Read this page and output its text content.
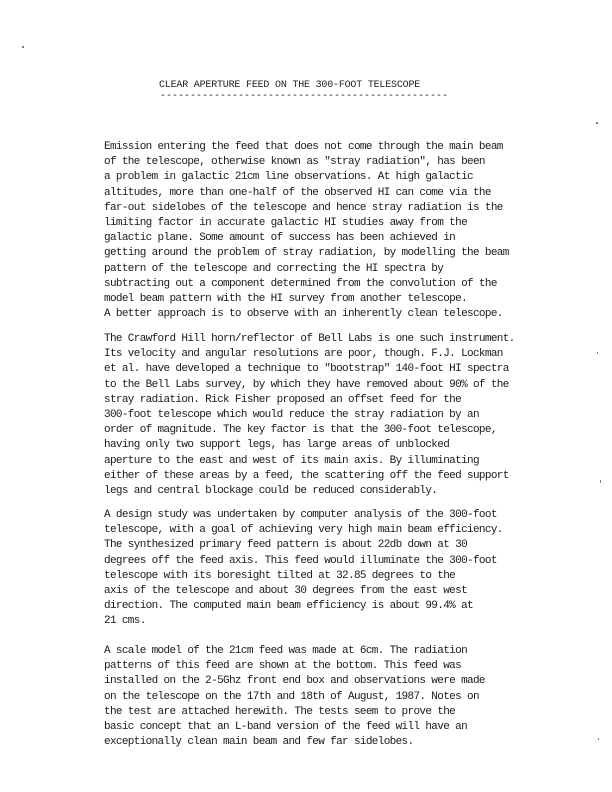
CLEAR APERTURE FEED ON THE 300-FOOT TELESCOPE
------------------------------------------------
Emission entering the feed that does not come through the main beam
of the telescope, otherwise known as "stray radiation", has been
a problem in galactic 21cm line observations. At high galactic
altitudes, more than one-half of the observed HI can come via the
far-out sidelobes of the telescope and hence stray radiation is the
limiting factor in accurate galactic HI studies away from the
galactic plane. Some amount of success has been achieved in
getting around the problem of stray radiation, by modelling the beam
pattern of the telescope and correcting the HI spectra by
subtracting out a component determined from the convolution of the
model beam pattern with the HI survey from another telescope.
A better approach is to observe with an inherently clean telescope.
The Crawford Hill horn/reflector of Bell Labs is one such instrument.
Its velocity and angular resolutions are poor, though. F.J. Lockman
et al. have developed a technique to "bootstrap" 140-foot HI spectra
to the Bell Labs survey, by which they have removed about 90% of the
stray radiation. Rick Fisher proposed an offset feed for the
300-foot telescope which would reduce the stray radiation by an
order of magnitude. The key factor is that the 300-foot telescope,
having only two support legs, has large areas of unblocked
aperture to the east and west of its main axis. By illuminating
either of these areas by a feed, the scattering off the feed support
legs and central blockage could be reduced considerably.
A design study was undertaken by computer analysis of the 300-foot
telescope, with a goal of achieving very high main beam efficiency.
The synthesized primary feed pattern is about 22db down at 30
degrees off the feed axis. This feed would illuminate the 300-foot
telescope with its boresight tilted at 32.85 degrees to the
axis of the telescope and about 30 degrees from the east west
direction. The computed main beam efficiency is about 99.4% at
21 cms.
A scale model of the 21cm feed was made at 6cm. The radiation
patterns of this feed are shown at the bottom. This feed was
installed on the 2-5Ghz front end box and observations were made
on the telescope on the 17th and 18th of August, 1987. Notes on
the test are attached herewith. The tests seem to prove the
basic concept that an L-band version of the feed will have an
exceptionally clean main beam and few far sidelobes.
